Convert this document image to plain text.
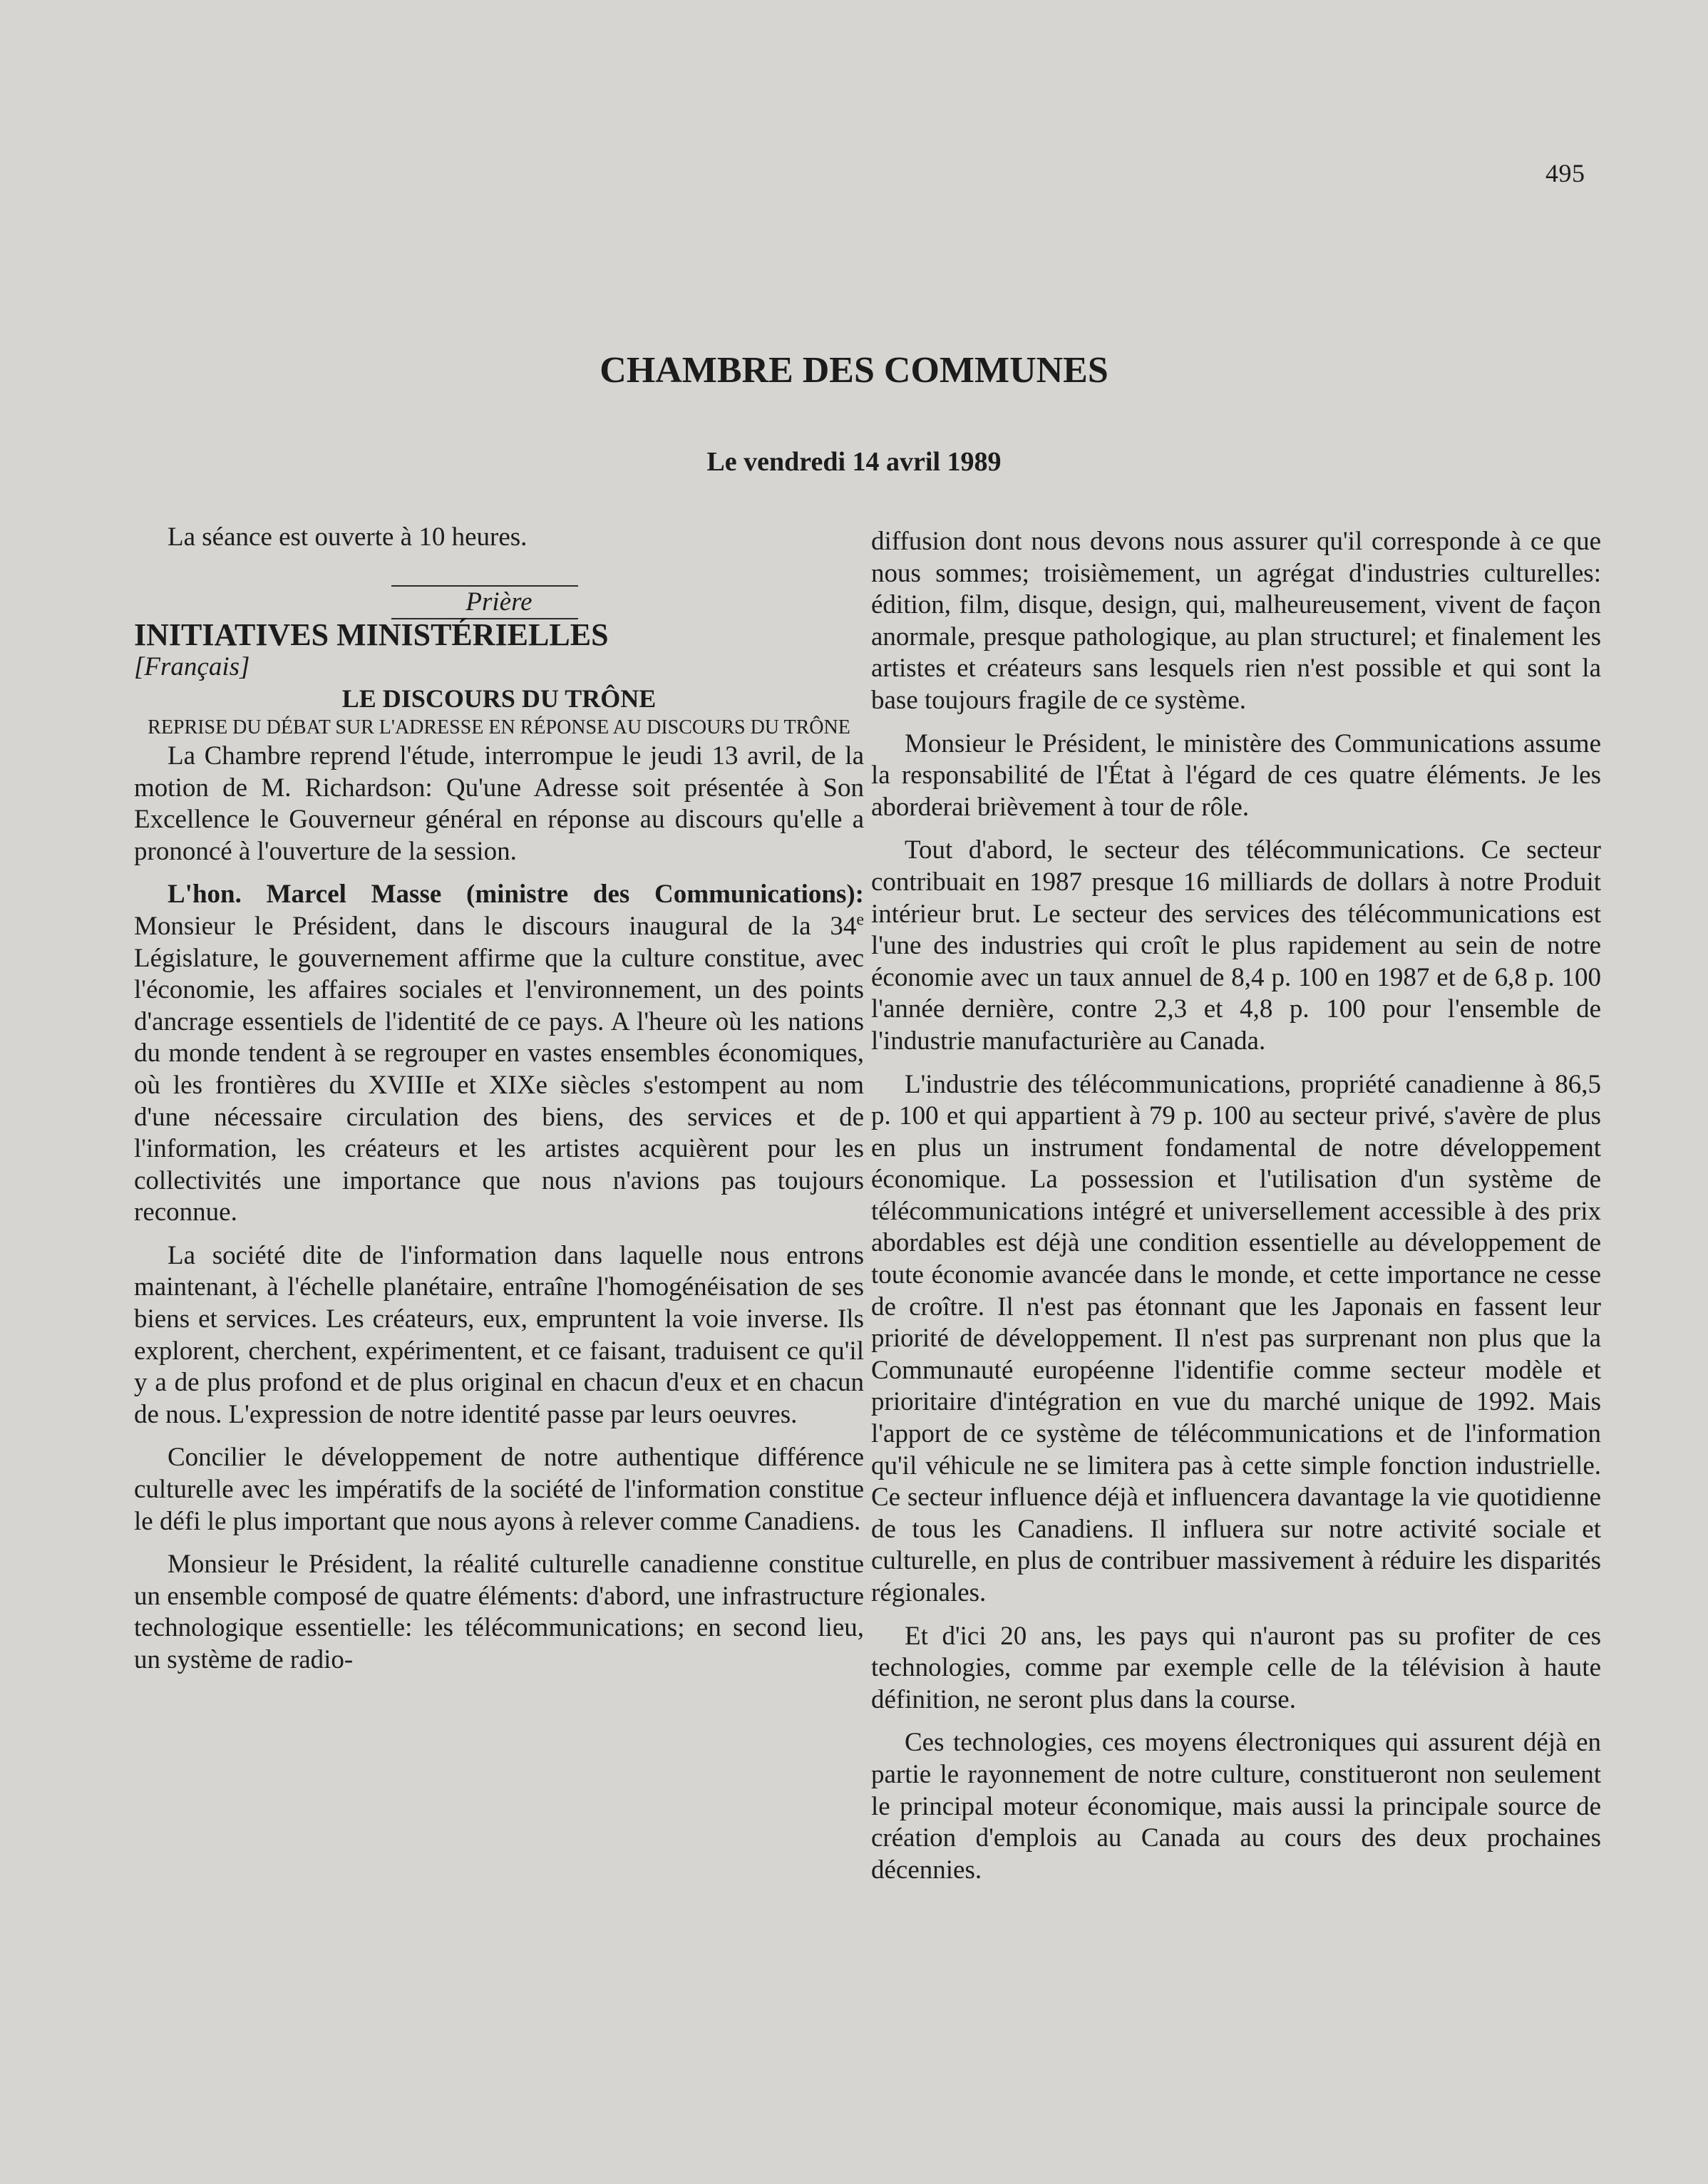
495
CHAMBRE DES COMMUNES
Le vendredi 14 avril 1989

La séance est ouverte à 10 heures.

Prière

INITIATIVES MINISTÉRIELLES

[Français]

LE DISCOURS DU TRÔNE

REPRISE DU DÉBAT SUR L'ADRESSE EN RÉPONSE AU DISCOURS DU TRÔNE

La Chambre reprend l'étude, interrompue le jeudi 13 avril, de la motion de M. Richardson: Qu'une Adresse soit présentée à Son Excellence le Gouverneur général en réponse au discours qu'elle a prononcé à l'ouverture de la session.

L'hon. Marcel Masse (ministre des Communications): Monsieur le Président, dans le discours inaugural de la 34e Législature, le gouvernement affirme que la culture constitue, avec l'économie, les affaires sociales et l'environnement, un des points d'ancrage essentiels de l'identité de ce pays. A l'heure où les nations du monde tendent à se regrouper en vastes ensembles économiques, où les frontières du XVIIIe et XIXe siècles s'estompent au nom d'une nécessaire circulation des biens, des services et de l'information, les créateurs et les artistes acquièrent pour les collectivités une importance que nous n'avions pas toujours reconnue.

La société dite de l'information dans laquelle nous entrons maintenant, à l'échelle planétaire, entraîne l'homogénéisation de ses biens et services. Les créateurs, eux, empruntent la voie inverse. Ils explorent, cherchent, expérimentent, et ce faisant, traduisent ce qu'il y a de plus profond et de plus original en chacun d'eux et en chacun de nous. L'expression de notre identité passe par leurs oeuvres.

Concilier le développement de notre authentique différence culturelle avec les impératifs de la société de l'information constitue le défi le plus important que nous ayons à relever comme Canadiens.

Monsieur le Président, la réalité culturelle canadienne constitue un ensemble composé de quatre éléments: d'abord, une infrastructure technologique essentielle: les télécommunications; en second lieu, un système de radio-

diffusion dont nous devons nous assurer qu'il corresponde à ce que nous sommes; troisièmement, un agrégat d'industries culturelles: édition, film, disque, design, qui, malheureusement, vivent de façon anormale, presque pathologique, au plan structurel; et finalement les artistes et créateurs sans lesquels rien n'est possible et qui sont la base toujours fragile de ce système.

Monsieur le Président, le ministère des Communications assume la responsabilité de l'État à l'égard de ces quatre éléments. Je les aborderai brièvement à tour de rôle.

Tout d'abord, le secteur des télécommunications. Ce secteur contribuait en 1987 presque 16 milliards de dollars à notre Produit intérieur brut. Le secteur des services des télécommunications est l'une des industries qui croît le plus rapidement au sein de notre économie avec un taux annuel de 8,4 p. 100 en 1987 et de 6,8 p. 100 l'année dernière, contre 2,3 et 4,8 p. 100 pour l'ensemble de l'industrie manufacturière au Canada.

L'industrie des télécommunications, propriété canadienne à 86,5 p. 100 et qui appartient à 79 p. 100 au secteur privé, s'avère de plus en plus un instrument fondamental de notre développement économique. La possession et l'utilisation d'un système de télécommunications intégré et universellement accessible à des prix abordables est déjà une condition essentielle au développement de toute économie avancée dans le monde, et cette importance ne cesse de croître. Il n'est pas étonnant que les Japonais en fassent leur priorité de développement. Il n'est pas surprenant non plus que la Communauté européenne l'identifie comme secteur modèle et prioritaire d'intégration en vue du marché unique de 1992. Mais l'apport de ce système de télécommunications et de l'information qu'il véhicule ne se limitera pas à cette simple fonction industrielle. Ce secteur influence déjà et influencera davantage la vie quotidienne de tous les Canadiens. Il influera sur notre activité sociale et culturelle, en plus de contribuer massivement à réduire les disparités régionales.

Et d'ici 20 ans, les pays qui n'auront pas su profiter de ces technologies, comme par exemple celle de la télévision à haute définition, ne seront plus dans la course.

Ces technologies, ces moyens électroniques qui assurent déjà en partie le rayonnement de notre culture, constitueront non seulement le principal moteur économique, mais aussi la principale source de création d'emplois au Canada au cours des deux prochaines décennies.
